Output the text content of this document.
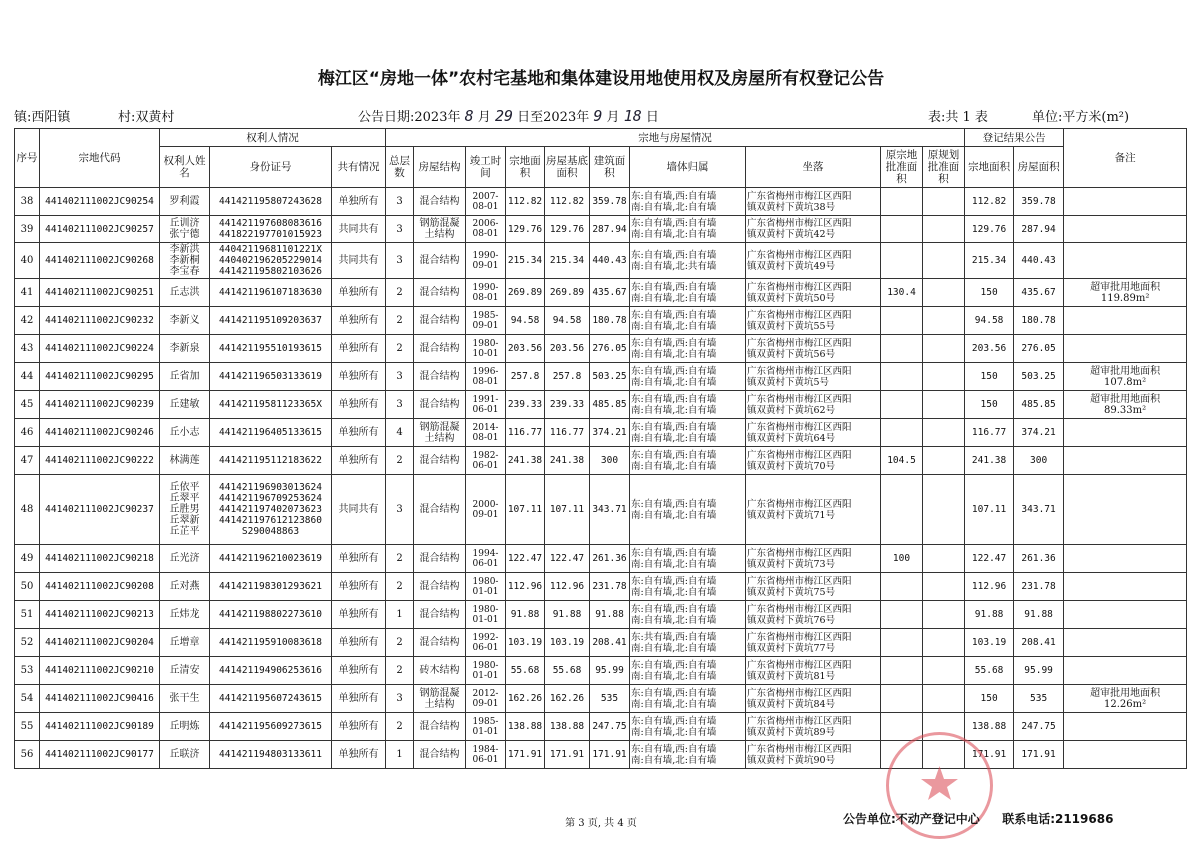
梅江区“房地一体”农村宅基地和集体建设用地使用权及房屋所有权登记公告
镇:西阳镇	村:双黄村	公告日期:2023年 8 月 29 日至2023年 9 月 18 日	表:共 1 表	单位:平方米(m²)
序号	宗地代码	权利人情况			宗地与房屋情况										登记结果公告		备注
		权利人姓名	身份证号	共有情况	总层数	房屋结构	竣工时间	宗地面积	房屋基底面积	建筑面积	墙体归属	坐落	原宗地批准面积	原规划批准面积	宗地面积	房屋面积	
38	441402111002JC90254	罗利霞	441421195807243628	单独所有	3	混合结构	2007-08-01	112.82	112.82	359.78	东:自有墙,西:自有墙
南:自有墙,北:自有墙	广东省梅州市梅江区西阳
镇双黄村下黄坑38号			112.82	359.78	
39	441402111002JC90257	丘训济
张宁德	441421197608083616
441822197701015923	共同共有	3	钢筋混凝
土结构	2006-08-01	129.76	129.76	287.94	东:自有墙,西:自有墙
南:自有墙,北:自有墙	广东省梅州市梅江区西阳
镇双黄村下黄坑42号			129.76	287.94	
40	441402111002JC90268	李新洪
李新桐
李宝春	44042119681101221X
440402196205229014
441421195802103626	共同共有	3	混合结构	1990-09-01	215.34	215.34	440.43	东:自有墙,西:自有墙
南:自有墙,北:共有墙	广东省梅州市梅江区西阳
镇双黄村下黄坑49号			215.34	440.43	
41	441402111002JC90251	丘志洪	441421196107183630	单独所有	2	混合结构	1990-08-01	269.89	269.89	435.67	东:自有墙,西:自有墙
南:自有墙,北:自有墙	广东省梅州市梅江区西阳
镇双黄村下黄坑50号	130.4		150	435.67	超审批用地面积
119.89m²
42	441402111002JC90232	李新义	441421195109203637	单独所有	2	混合结构	1985-09-01	94.58	94.58	180.78	东:自有墙,西:自有墙
南:自有墙,北:自有墙	广东省梅州市梅江区西阳
镇双黄村下黄坑55号			94.58	180.78	
43	441402111002JC90224	李新泉	441421195510193615	单独所有	2	混合结构	1980-10-01	203.56	203.56	276.05	东:自有墙,西:自有墙
南:自有墙,北:自有墙	广东省梅州市梅江区西阳
镇双黄村下黄坑56号			203.56	276.05	
44	441402111002JC90295	丘省加	441421196503133619	单独所有	3	混合结构	1996-08-01	257.8	257.8	503.25	东:自有墙,西:自有墙
南:自有墙,北:自有墙	广东省梅州市梅江区西阳
镇双黄村下黄坑5号			150	503.25	超审批用地面积
107.8m²
45	441402111002JC90239	丘建敏	44142119581123365X	单独所有	3	混合结构	1991-06-01	239.33	239.33	485.85	东:自有墙,西:自有墙
南:自有墙,北:自有墙	广东省梅州市梅江区西阳
镇双黄村下黄坑62号			150	485.85	超审批用地面积
89.33m²
46	441402111002JC90246	丘小志	441421196405133615	单独所有	4	钢筋混凝
土结构	2014-08-01	116.77	116.77	374.21	东:自有墙,西:自有墙
南:自有墙,北:自有墙	广东省梅州市梅江区西阳
镇双黄村下黄坑64号			116.77	374.21	
47	441402111002JC90222	林满莲	441421195112183622	单独所有	2	混合结构	1982-06-01	241.38	241.38	300	东:自有墙,西:自有墙
南:自有墙,北:自有墙	广东省梅州市梅江区西阳
镇双黄村下黄坑70号	104.5		241.38	300	
48	441402111002JC90237	丘依平
丘翠平
丘胜男
丘翠新
丘芷平	441421196903013624
441421196709253624
441421197402073623
441421197612123860
S290048863	共同共有	3	混合结构	2000-09-01	107.11	107.11	343.71	东:自有墙,西:自有墙
南:自有墙,北:自有墙	广东省梅州市梅江区西阳
镇双黄村下黄坑71号			107.11	343.71	
49	441402111002JC90218	丘光济	441421196210023619	单独所有	2	混合结构	1994-06-01	122.47	122.47	261.36	东:自有墙,西:自有墙
南:自有墙,北:自有墙	广东省梅州市梅江区西阳
镇双黄村下黄坑73号	100		122.47	261.36	
50	441402111002JC90208	丘对燕	441421198301293621	单独所有	2	混合结构	1980-01-01	112.96	112.96	231.78	东:自有墙,西:自有墙
南:自有墙,北:自有墙	广东省梅州市梅江区西阳
镇双黄村下黄坑75号			112.96	231.78	
51	441402111002JC90213	丘炜龙	441421198802273610	单独所有	1	混合结构	1980-01-01	91.88	91.88	91.88	东:自有墙,西:自有墙
南:自有墙,北:自有墙	广东省梅州市梅江区西阳
镇双黄村下黄坑76号			91.88	91.88	
52	441402111002JC90204	丘增章	441421195910083618	单独所有	2	混合结构	1992-06-01	103.19	103.19	208.41	东:共有墙,西:自有墙
南:自有墙,北:自有墙	广东省梅州市梅江区西阳
镇双黄村下黄坑77号			103.19	208.41	
53	441402111002JC90210	丘清安	441421194906253616	单独所有	2	砖木结构	1980-01-01	55.68	55.68	95.99	东:自有墙,西:自有墙
南:自有墙,北:自有墙	广东省梅州市梅江区西阳
镇双黄村下黄坑81号			55.68	95.99	
54	441402111002JC90416	张干生	441421195607243615	单独所有	3	钢筋混凝
土结构	2012-09-01	162.26	162.26	535	东:自有墙,西:自有墙
南:自有墙,北:自有墙	广东省梅州市梅江区西阳
镇双黄村下黄坑84号			150	535	超审批用地面积
12.26m²
55	441402111002JC90189	丘明炼	441421195609273615	单独所有	2	混合结构	1985-01-01	138.88	138.88	247.75	东:自有墙,西:自有墙
南:自有墙,北:自有墙	广东省梅州市梅江区西阳
镇双黄村下黄坑89号			138.88	247.75	
56	441402111002JC90177	丘联济	441421194803133611	单独所有	1	混合结构	1984-06-01	171.91	171.91	171.91	东:自有墙,西:自有墙
南:自有墙,北:自有墙	广东省梅州市梅江区西阳
镇双黄村下黄坑90号			171.91	171.91	
第 3 页, 共 4 页	公告单位:不动产登记中心 联系电话:2119686
